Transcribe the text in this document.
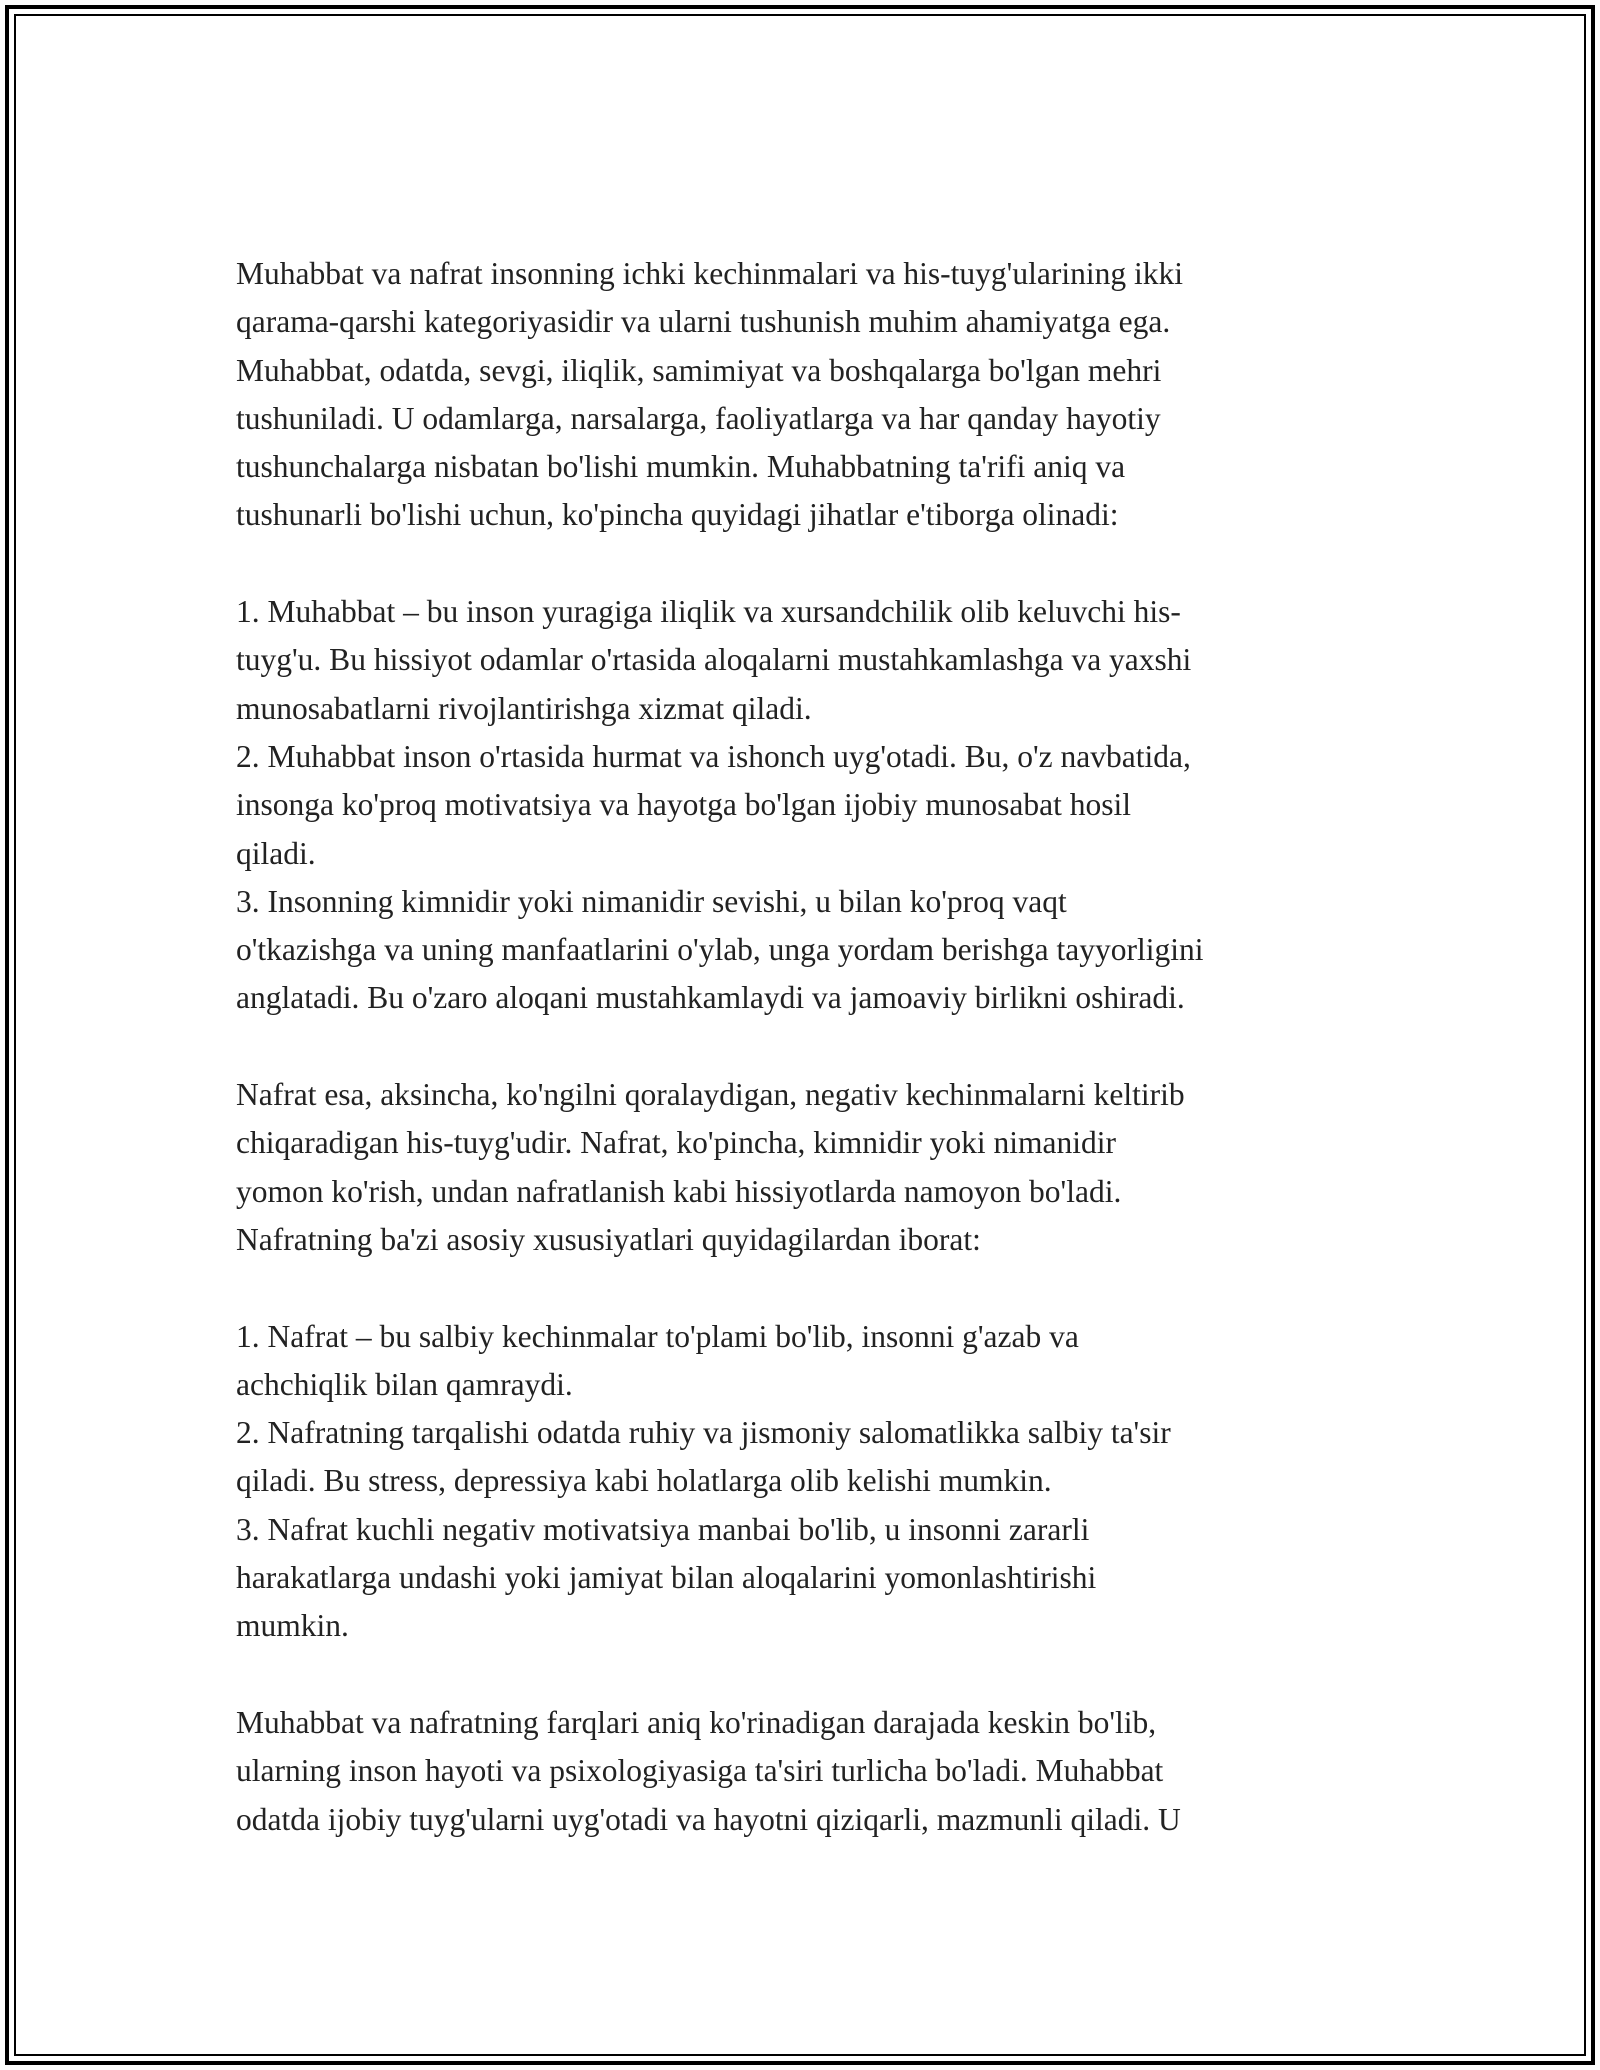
Muhabbat va nafrat insonning ichki kechinmalari va his-tuyg'ularining ikki
qarama-qarshi kategoriyasidir va ularni tushunish muhim ahamiyatga ega.
Muhabbat, odatda, sevgi, iliqlik, samimiyat va boshqalarga bo'lgan mehri
tushuniladi. U odamlarga, narsalarga, faoliyatlarga va har qanday hayotiy
tushunchalarga nisbatan bo'lishi mumkin. Muhabbatning ta'rifi aniq va
tushunarli bo'lishi uchun, ko'pincha quyidagi jihatlar e'tiborga olinadi:
1. Muhabbat – bu inson yuragiga iliqlik va xursandchilik olib keluvchi his-
tuyg'u. Bu hissiyot odamlar o'rtasida aloqalarni mustahkamlashga va yaxshi
munosabatlarni rivojlantirishga xizmat qiladi.
2. Muhabbat inson o'rtasida hurmat va ishonch uyg'otadi. Bu, o'z navbatida,
insonga ko'proq motivatsiya va hayotga bo'lgan ijobiy munosabat hosil
qiladi.
3. Insonning kimnidir yoki nimanidir sevishi, u bilan ko'proq vaqt
o'tkazishga va uning manfaatlarini o'ylab, unga yordam berishga tayyorligini
anglatadi. Bu o'zaro aloqani mustahkamlaydi va jamoaviy birlikni oshiradi.
Nafrat esa, aksincha, ko'ngilni qoralaydigan, negativ kechinmalarni keltirib
chiqaradigan his-tuyg'udir. Nafrat, ko'pincha, kimnidir yoki nimanidir
yomon ko'rish, undan nafratlanish kabi hissiyotlarda namoyon bo'ladi.
Nafratning ba'zi asosiy xususiyatlari quyidagilardan iborat:
1. Nafrat – bu salbiy kechinmalar to'plami bo'lib, insonni g'azab va
achchiqlik bilan qamraydi.
2. Nafratning tarqalishi odatda ruhiy va jismoniy salomatlikka salbiy ta'sir
qiladi. Bu stress, depressiya kabi holatlarga olib kelishi mumkin.
3. Nafrat kuchli negativ motivatsiya manbai bo'lib, u insonni zararli
harakatlarga undashi yoki jamiyat bilan aloqalarini yomonlashtirishi
mumkin.
Muhabbat va nafratning farqlari aniq ko'rinadigan darajada keskin bo'lib,
ularning inson hayoti va psixologiyasiga ta'siri turlicha bo'ladi. Muhabbat
odatda ijobiy tuyg'ularni uyg'otadi va hayotni qiziqarli, mazmunli qiladi. U
